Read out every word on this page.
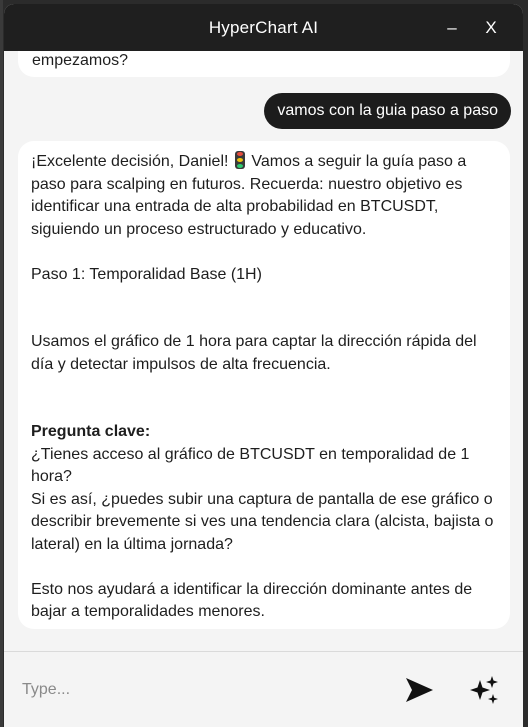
HyperChart AI	–	X
empezamos?
vamos con la guia paso a paso
¡Excelente decisión, Daniel!
Vamos a seguir la guía paso a paso para scalping en futuros. Recuerda: nuestro objetivo es identificar una entrada de alta probabilidad en BTCUSDT, siguiendo un proceso estructurado y educativo.
Paso 1: Temporalidad Base (1H)
Usamos el gráfico de 1 hora para captar la dirección rápida del día y detectar impulsos de alta frecuencia.
Pregunta clave:
¿Tienes acceso al gráfico de BTCUSDT en temporalidad de 1 hora?
Si es así, ¿puedes subir una captura de pantalla de ese gráfico o describir brevemente si ves una tendencia clara (alcista, bajista o lateral) en la última jornada?
Esto nos ayudará a identificar la dirección dominante antes de bajar a temporalidades menores.
Type...
